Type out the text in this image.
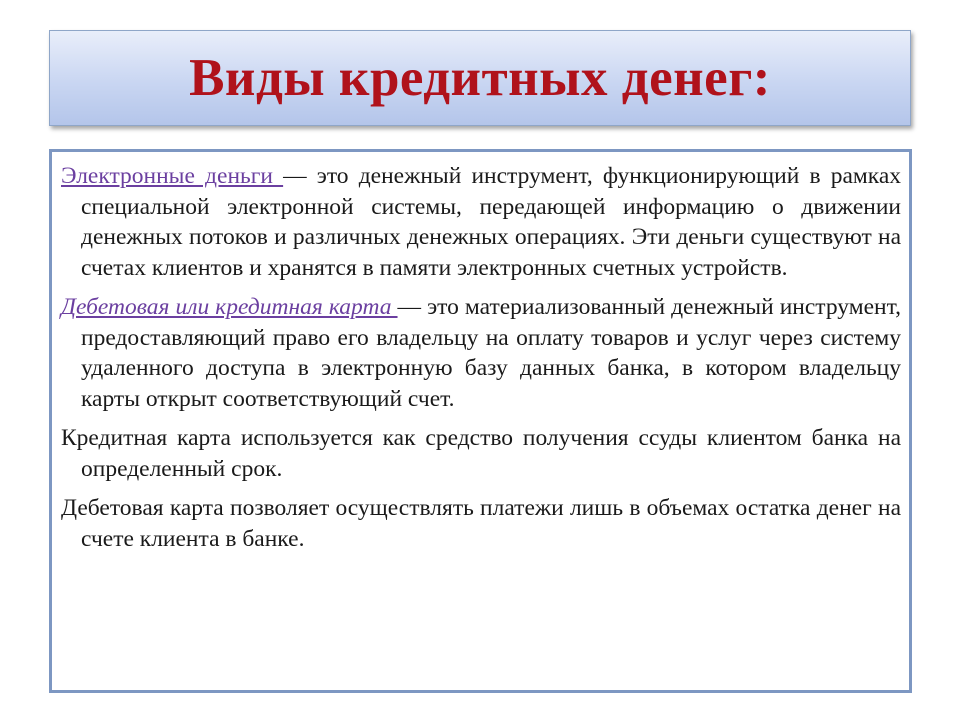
Виды кредитных денег:

Электронные деньги — это денежный инструмент, функционирующий в рамках специальной электронной системы, передающей информацию о движении денежных потоков и различных денежных операциях. Эти деньги существуют на счетах клиентов и хранятся в памяти электронных счетных устройств.

Дебетовая или кредитная карта — это материализованный денежный инструмент, предоставляющий право его владельцу на оплату товаров и услуг через систему удаленного доступа в электронную базу данных банка, в котором владельцу карты открыт соответствующий счет.

Кредитная карта используется как средство получения ссуды клиентом банка на определенный срок.

Дебетовая карта позволяет осуществлять платежи лишь в объемах остатка денег на счете клиента в банке.
